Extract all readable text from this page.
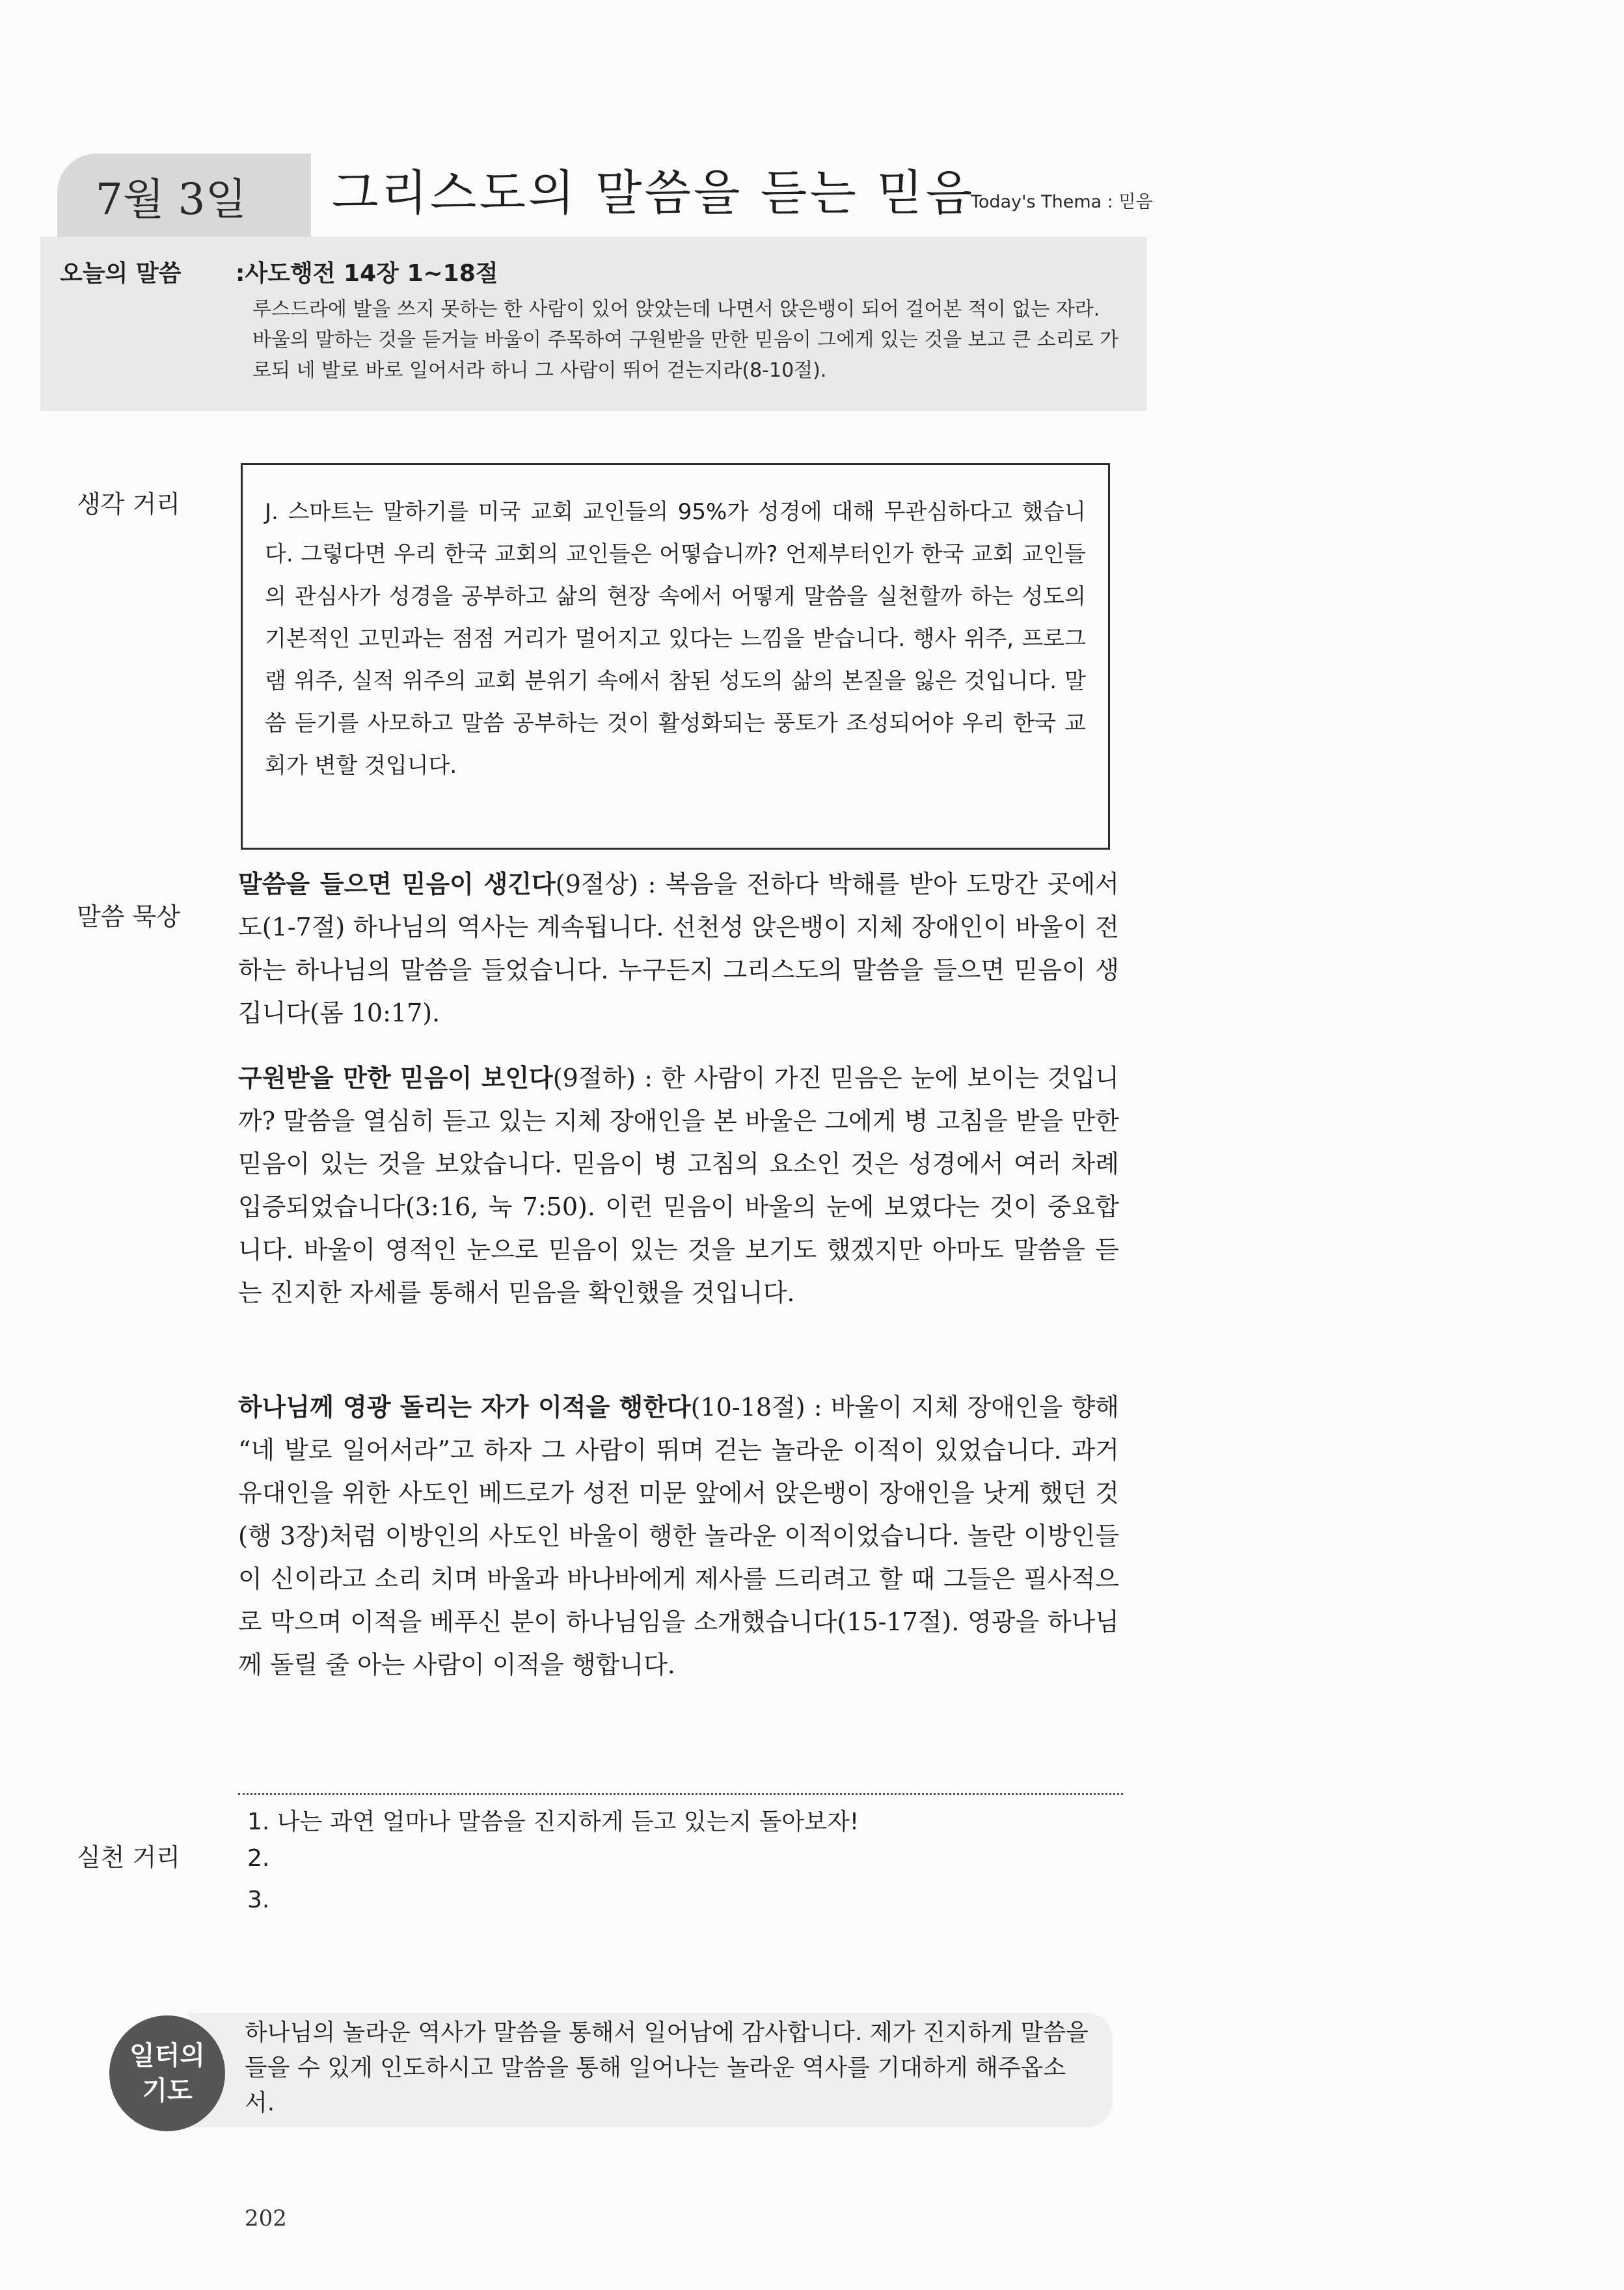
7월 3일 그리스도의 말씀을 듣는 믿음
Today's Thema : 믿음
오늘의 말씀 :사도행전 14장 1~18절
루스드라에 발을 쓰지 못하는 한 사람이 있어 앉았는데 나면서 앉은뱅이 되어 걸어본 적이 없는 자라. 바울의 말하는 것을 듣거늘 바울이 주목하여 구원받을 만한 믿음이 그에게 있는 것을 보고 큰 소리로 가로되 네 발로 바로 일어서라 하니 그 사람이 뛰어 걷는지라(8-10절).
생각 거리	J. 스마트는 말하기를 미국 교회 교인들의 95%가 성경에 대해 무관심하다고 했습니다. 그렇다면 우리 한국 교회의 교인들은 어떻습니까? 언제부터인가 한국 교회 교인들의 관심사가 성경을 공부하고 삶의 현장 속에서 어떻게 말씀을 실천할까 하는 성도의 기본적인 고민과는 점점 거리가 멀어지고 있다는 느낌을 받습니다. 행사 위주, 프로그램 위주, 실적 위주의 교회 분위기 속에서 참된 성도의 삶의 본질을 잃은 것입니다. 말씀 듣기를 사모하고 말씀 공부하는 것이 활성화되는 풍토가 조성되어야 우리 한국 교회가 변할 것입니다.
말씀 묵상
말씀을 들으면 믿음이 생긴다(9절상) : 복음을 전하다 박해를 받아 도망간 곳에서도(1-7절) 하나님의 역사는 계속됩니다. 선천성 앉은뱅이 지체 장애인이 바울이 전하는 하나님의 말씀을 들었습니다. 누구든지 그리스도의 말씀을 들으면 믿음이 생깁니다(롬 10:17).
구원받을 만한 믿음이 보인다(9절하) : 한 사람이 가진 믿음은 눈에 보이는 것입니까? 말씀을 열심히 듣고 있는 지체 장애인을 본 바울은 그에게 병 고침을 받을 만한 믿음이 있는 것을 보았습니다. 믿음이 병 고침의 요소인 것은 성경에서 여러 차례 입증되었습니다(3:16, 눅 7:50). 이런 믿음이 바울의 눈에 보였다는 것이 중요합니다. 바울이 영적인 눈으로 믿음이 있는 것을 보기도 했겠지만 아마도 말씀을 듣는 진지한 자세를 통해서 믿음을 확인했을 것입니다.
하나님께 영광 돌리는 자가 이적을 행한다(10-18절) : 바울이 지체 장애인을 향해 “네 발로 일어서라”고 하자 그 사람이 뛰며 걷는 놀라운 이적이 있었습니다. 과거 유대인을 위한 사도인 베드로가 성전 미문 앞에서 앉은뱅이 장애인을 낫게 했던 것(행 3장)처럼 이방인의 사도인 바울이 행한 놀라운 이적이었습니다. 놀란 이방인들이 신이라고 소리 치며 바울과 바나바에게 제사를 드리려고 할 때 그들은 필사적으로 막으며 이적을 베푸신 분이 하나님임을 소개했습니다(15-17절). 영광을 하나님께 돌릴 줄 아는 사람이 이적을 행합니다.
실천 거리
1. 나는 과연 얼마나 말씀을 진지하게 듣고 있는지 돌아보자!
2.
3.
일터의
기도
하나님의 놀라운 역사가 말씀을 통해서 일어남에 감사합니다. 제가 진지하게 말씀을 들을 수 있게 인도하시고 말씀을 통해 일어나는 놀라운 역사를 기대하게 해주옵소서.
202
